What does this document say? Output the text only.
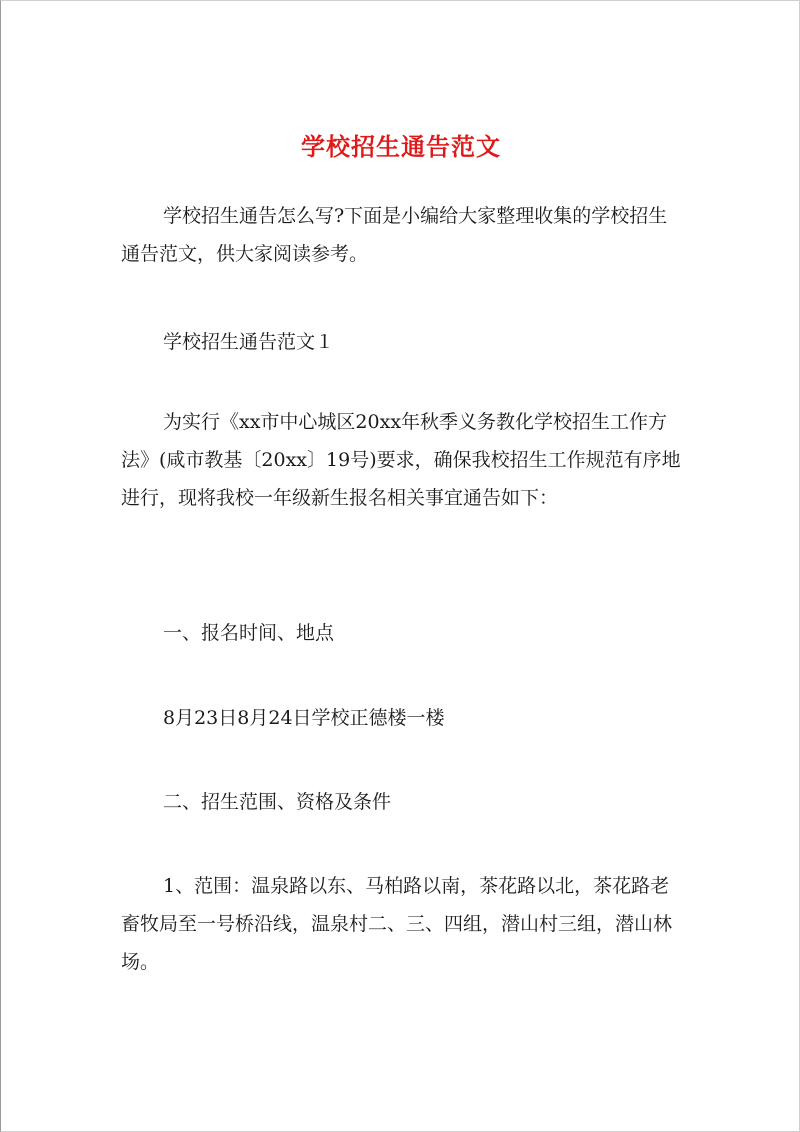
学校招生通告范文

学校招生通告怎么写?下面是小编给大家整理收集的学校招生通告范文，供大家阅读参考。

学校招生通告范文１

为实行《xx市中心城区20xx年秋季义务教化学校招生工作方法》(咸市教基〔20xx〕19号)要求，确保我校招生工作规范有序地进行，现将我校一年级新生报名相关事宜通告如下：

一、报名时间、地点

8月23日8月24日学校正德楼一楼

二、招生范围、资格及条件

1、范围：温泉路以东、马柏路以南，茶花路以北，茶花路老畜牧局至一号桥沿线，温泉村二、三、四组，潜山村三组，潜山林场。
